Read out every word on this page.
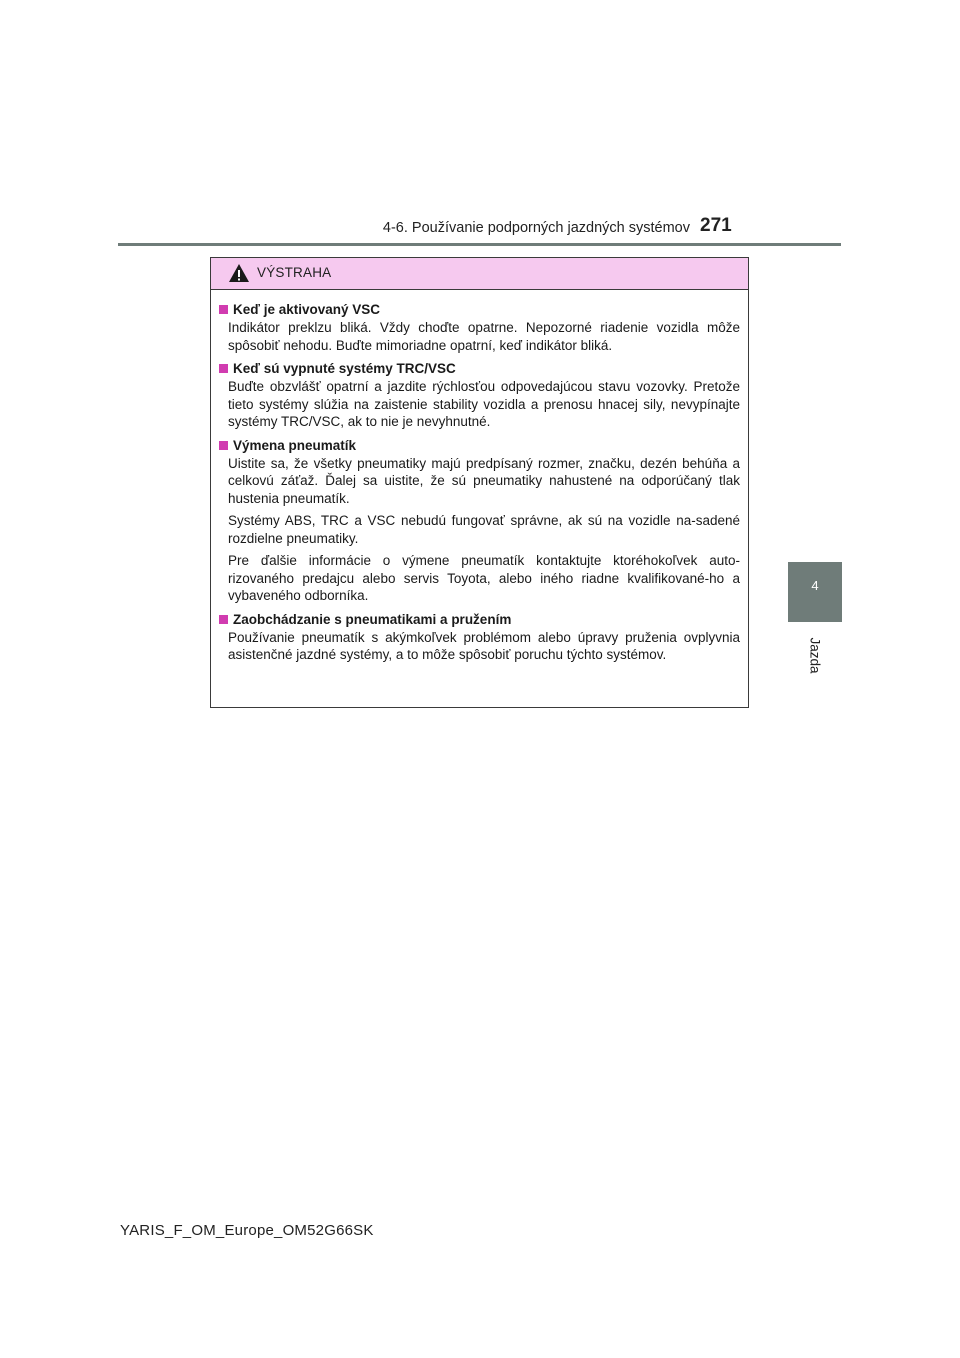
4-6. Používanie podporných jazdných systémov 271
4
Jazda
VÝSTRAHA
Keď je aktivovaný VSC

Indikátor preklzu bliká. Vždy choďte opatrne. Nepozorné riadenie vozidla môže spôsobiť nehodu. Buďte mimoriadne opatrní, keď indikátor bliká.

Keď sú vypnuté systémy TRC/VSC

Buďte obzvlášť opatrní a jazdite rýchlosťou odpovedajúcou stavu vozovky. Pretože tieto systémy slúžia na zaistenie stability vozidla a prenosu hnacej sily, nevypínajte systémy TRC/VSC, ak to nie je nevyhnutné.

Výmena pneumatík

Uistite sa, že všetky pneumatiky majú predpísaný rozmer, značku, dezén behúňa a celkovú záťaž. Ďalej sa uistite, že sú pneumatiky nahustené na odporúčaný tlak hustenia pneumatík.

Systémy ABS, TRC a VSC nebudú fungovať správne, ak sú na vozidle na-sadené rozdielne pneumatiky.

Pre ďalšie informácie o výmene pneumatík kontaktujte ktoréhokoľvek auto-rizovaného predajcu alebo servis Toyota, alebo iného riadne kvalifikované-ho a vybaveného odborníka.

Zaobchádzanie s pneumatikami a pružením

Používanie pneumatík s akýmkoľvek problémom alebo úpravy pruženia ovplyvnia asistenčné jazdné systémy, a to môže spôsobiť poruchu týchto systémov.

YARIS_F_OM_Europe_OM52G66SK
